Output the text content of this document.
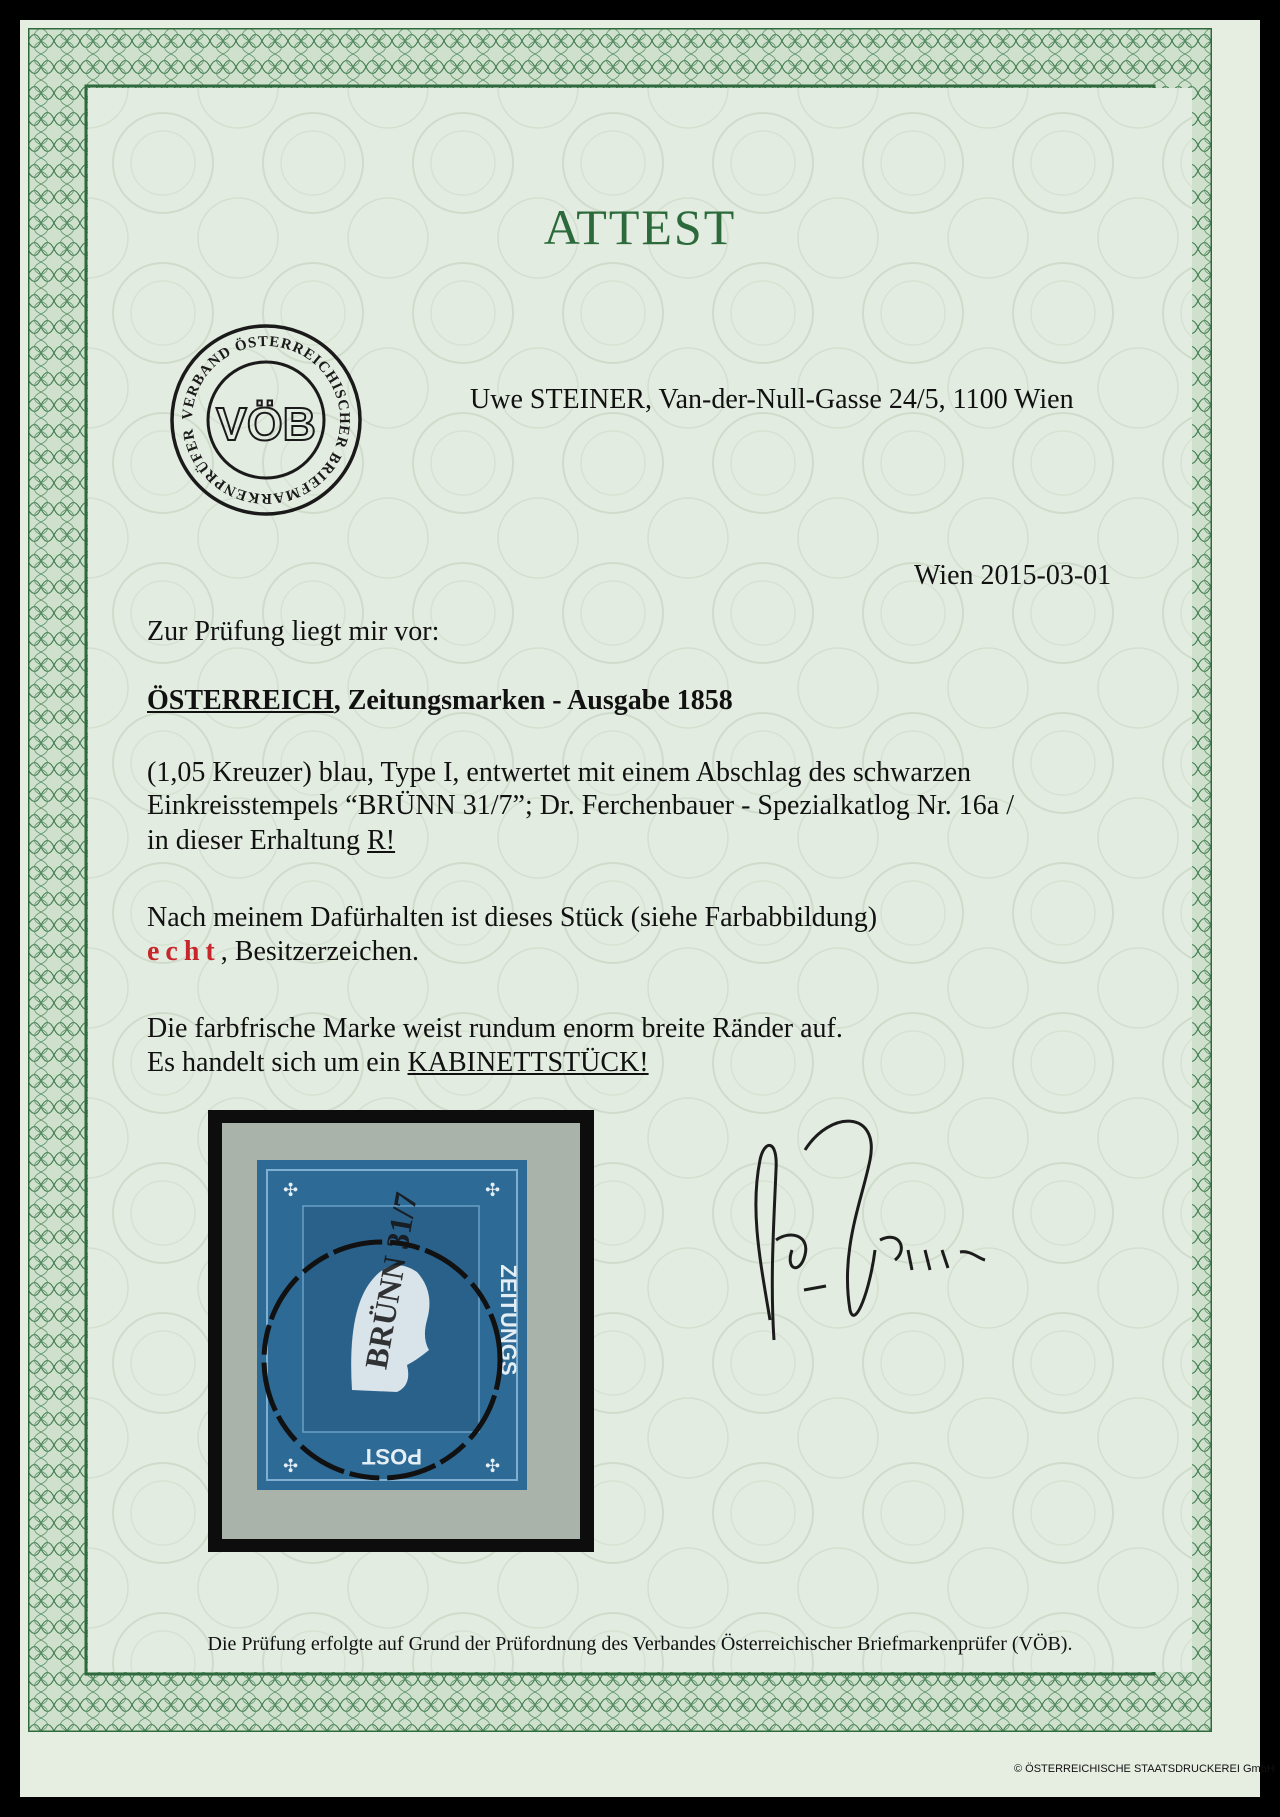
ATTEST
VERBAND ÖSTERREICHISCHER BRIEFMARKENPRÜFER VÖB	Uwe STEINER, Van-der-Null-Gasse 24/5, 1100 Wien
Wien 2015-03-01
Zur Prüfung liegt mir vor:
ÖSTERREICH, Zeitungsmarken - Ausgabe 1858
(1,05 Kreuzer) blau, Type I, entwertet mit einem Abschlag des schwarzen
Einkreisstempels “BRÜNN 31/7”; Dr. Ferchenbauer - Spezialkatlog Nr. 16a /
in dieser Erhaltung R!
Nach meinem Dafürhalten ist dieses Stück (siehe Farbabbildung)
echt, Besitzerzeichen.
Die farbfrische Marke weist rundum enorm breite Ränder auf.
Es handelt sich um ein KABINETTSTÜCK!
ZEITUNGS
POST
✣	✣
✣	✣
BRÜNN 31/7
Die Prüfung erfolgte auf Grund der Prüfordnung des Verbandes Österreichischer Briefmarkenprüfer (VÖB).
© ÖSTERREICHISCHE STAATSDRUCKEREI GmbH
